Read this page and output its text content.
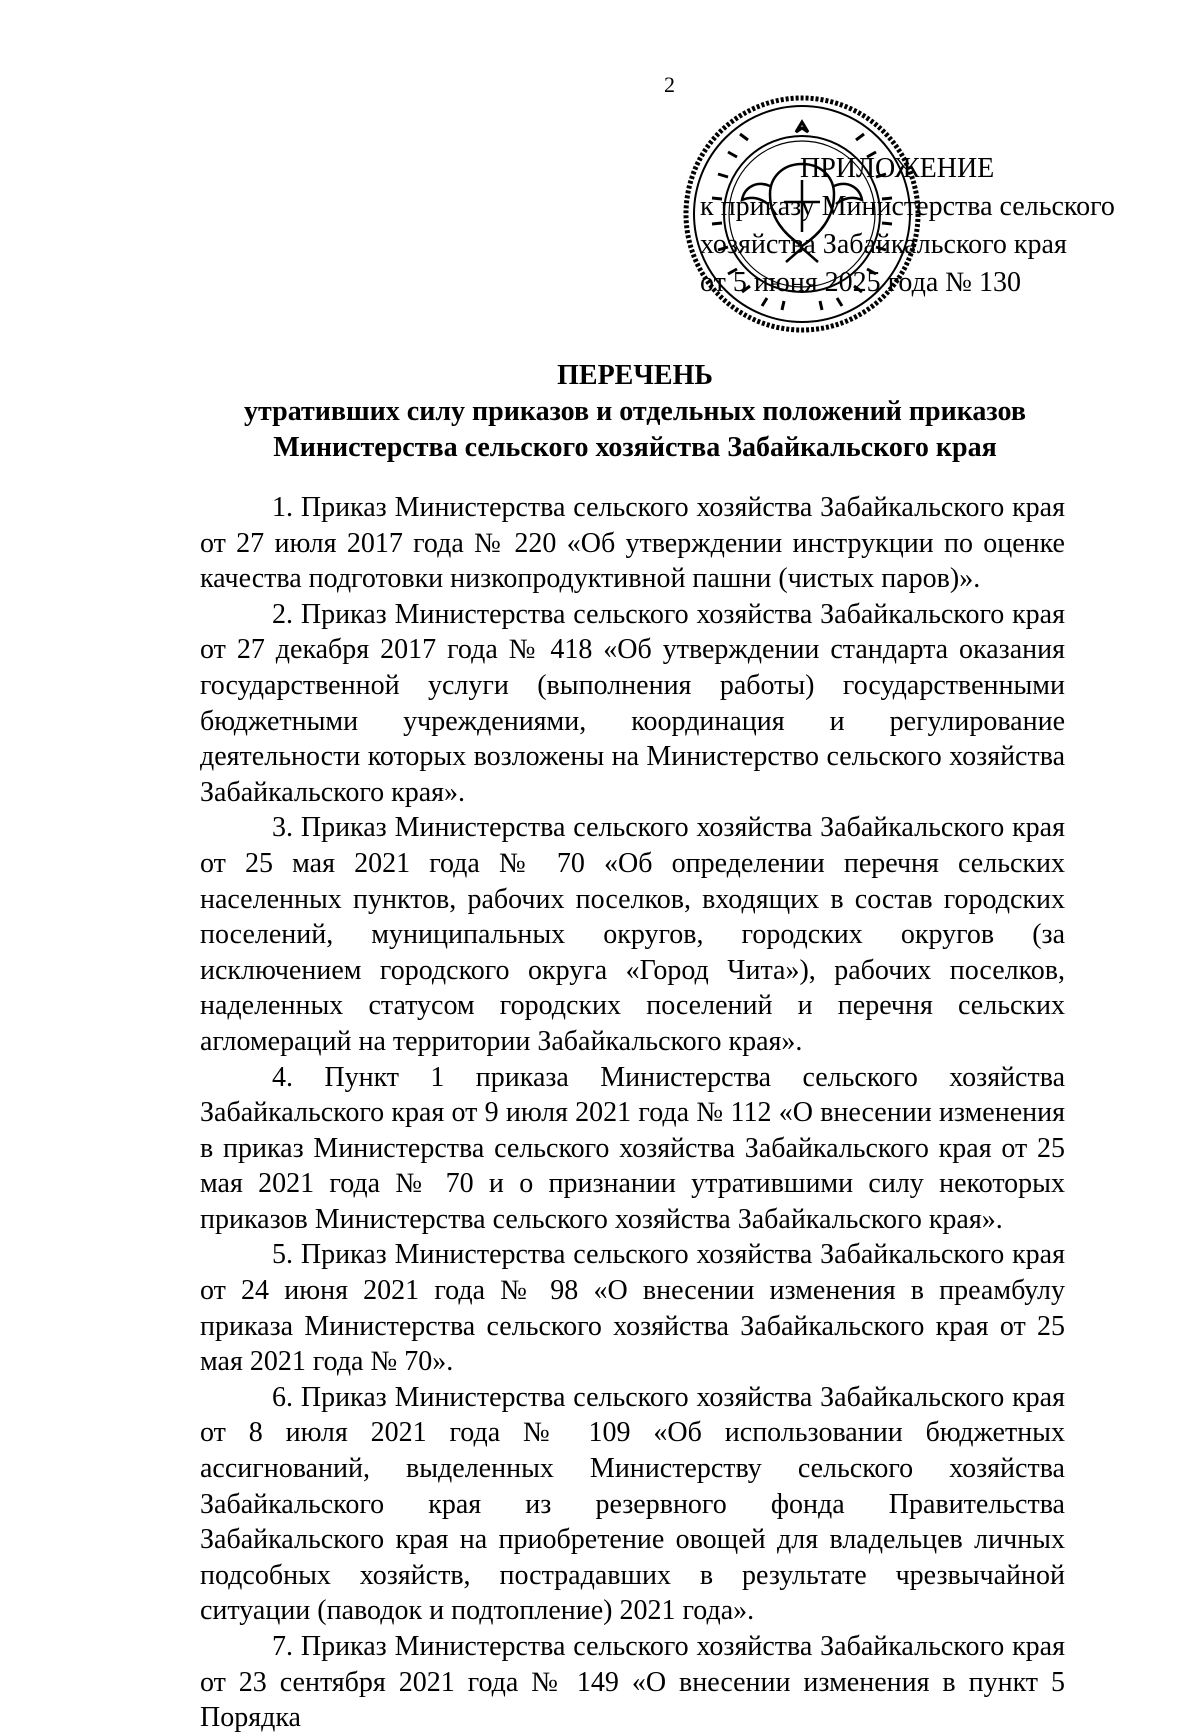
2
ПРИЛОЖЕНИЕ
к приказу Министерства сельского
хозяйства Забайкальского края
от 5 июня 2025 года № 130
ПЕРЕЧЕНЬ
утративших силу приказов и отдельных положений приказов
Министерства сельского хозяйства Забайкальского края

1. Приказ Министерства сельского хозяйства Забайкальского края от 27 июля 2017 года № 220 «Об утверждении инструкции по оценке качества подготовки низкопродуктивной пашни (чистых паров)».

2. Приказ Министерства сельского хозяйства Забайкальского края от 27 декабря 2017 года № 418 «Об утверждении стандарта оказания государственной услуги (выполнения работы) государственными бюджетными учреждениями, координация и регулирование деятельности которых возложены на Министерство сельского хозяйства Забайкальского края».

3. Приказ Министерства сельского хозяйства Забайкальского края от 25 мая 2021 года № 70 «Об определении перечня сельских населенных пунктов, рабочих поселков, входящих в состав городских поселений, муниципальных округов, городских округов (за исключением городского округа «Город Чита»), рабочих поселков, наделенных статусом городских поселений и перечня сельских агломераций на территории Забайкальского края».

4. Пункт 1 приказа Министерства сельского хозяйства Забайкальского края от 9 июля 2021 года № 112 «О внесении изменения в приказ Министерства сельского хозяйства Забайкальского края от 25 мая 2021 года № 70 и о признании утратившими силу некоторых приказов Министерства сельского хозяйства Забайкальского края».

5. Приказ Министерства сельского хозяйства Забайкальского края от 24 июня 2021 года № 98 «О внесении изменения в преамбулу приказа Министерства сельского хозяйства Забайкальского края от 25 мая 2021 года № 70».

6. Приказ Министерства сельского хозяйства Забайкальского края от 8 июля 2021 года № 109 «Об использовании бюджетных ассигнований, выделенных Министерству сельского хозяйства Забайкальского края из резервного фонда Правительства Забайкальского края на приобретение овощей для владельцев личных подсобных хозяйств, пострадавших в результате чрезвычайной ситуации (паводок и подтопление) 2021 года».

7. Приказ Министерства сельского хозяйства Забайкальского края от 23 сентября 2021 года № 149 «О внесении изменения в пункт 5 Порядка
